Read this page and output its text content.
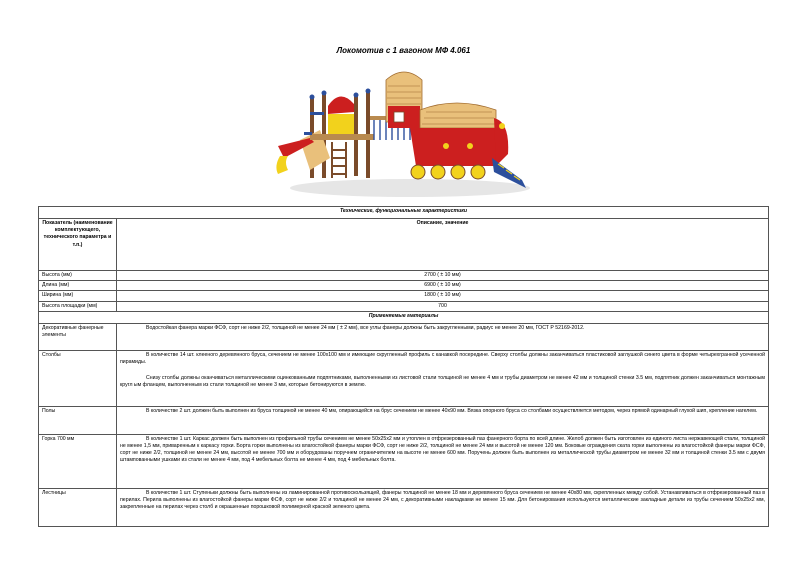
Локомотив с 1 вагоном МФ 4.061
Технические, функциональные характеристики	
Показатель (наименование комплектующего, технического параметра и т.п.)	Описание, значение
Высота (мм)	2700 ( ± 10 мм)
Длина (мм)	6900 ( ± 10 мм)
Ширина (мм)	1800 ( ± 10 мм)
Высота площадки (мм)	700
Применяемые материалы	
Декоративные фанерные элементы	Водостойкая фанера марки ФСФ, сорт не ниже 2/2, толщиной не менее 24 мм ( ± 2 мм), все углы фанеры должны быть закругленными, радиус не менее 20 мм, ГОСТ Р 52169-2012.

Столбы	В количестве 14 шт. клееного деревянного бруса, сечением не менее 100х100 мм и имеющие скругленный профиль с канавкой посередине. Сверху столбы должны заканчиваться пластиковой заглушкой синего цвета в форме четырехгранной усеченной пирамиды.

Снизу столбы должны оканчиваться металлическими оцинкованными подпятниками, выполненными из листовой стали толщиной не менее 4 мм и трубы диаметром не менее 42 мм и толщиной стенки 3.5 мм, подпятник должен заканчиваться монтажным кругл ым фланцем, выполненным из стали толщиной не менее 3 мм, которые бетонируются в землю.

Полы	В количестве 2 шт. должен быть выполнен из бруса толщиной не менее 40 мм, опирающейся на брус сечением не менее 40х90 мм. Вязка опорного бруса со столбами осуществляется методом, через прямой одинарный глухой шип, крепление нагелем.

Горка 700 мм	В количестве 1 шт. Каркас должен быть выполнен из профильной трубы сечением не менее 50х25х2 мм и утоплен в отфрезерованный паз фанерного борта по всей длине. Желоб должен быть изготовлен из единого листа нержавеющей стали, толщиной не менее 1,5 мм, приваренным к каркасу горки. Борта горки выполнены из влагостойкой фанеры марки ФСФ, сорт не ниже 2/2, толщиной не менее 24 мм и высотой не менее 120 мм. Боковые ограждения ската горки выполнены из влагостойкой фанеры марки ФСФ, сорт не ниже 2/2, толщиной не менее 24 мм, высотой не менее 700 мм и оборудованы поручнем ограничителем на высоте не менее 600 мм. Поручень должен быть выполнен из металлической трубы диаметром не менее 32 мм и толщиной стенки 3.5 мм с двумя штампованными ушками из стали не менее 4 мм, под 4 мебельных болта не менее 4 мм, под 4 мебельных болта.

Лестницы	В количестве 1 шт. Ступеньки должны быть выполнены из ламинированной противоскользящей, фанеры толщиной не менее 18 мм и деревянного бруса сечением не менее 40х80 мм, скрепленных между собой. Устанавливаться в отфрезерованный паз в перилах. Перила выполнены из влагостойкой фанеры марки ФСФ, сорт не ниже 2/2 и толщиной не менее 24 мм, с декоративными накладками не менее 15 мм. Для бетонирования используются металлические закладные детали из трубы сечением 50х25х2 мм, закрепленные на перилах через столб и окрашенные порошковой полимерной краской зеленого цвета.
